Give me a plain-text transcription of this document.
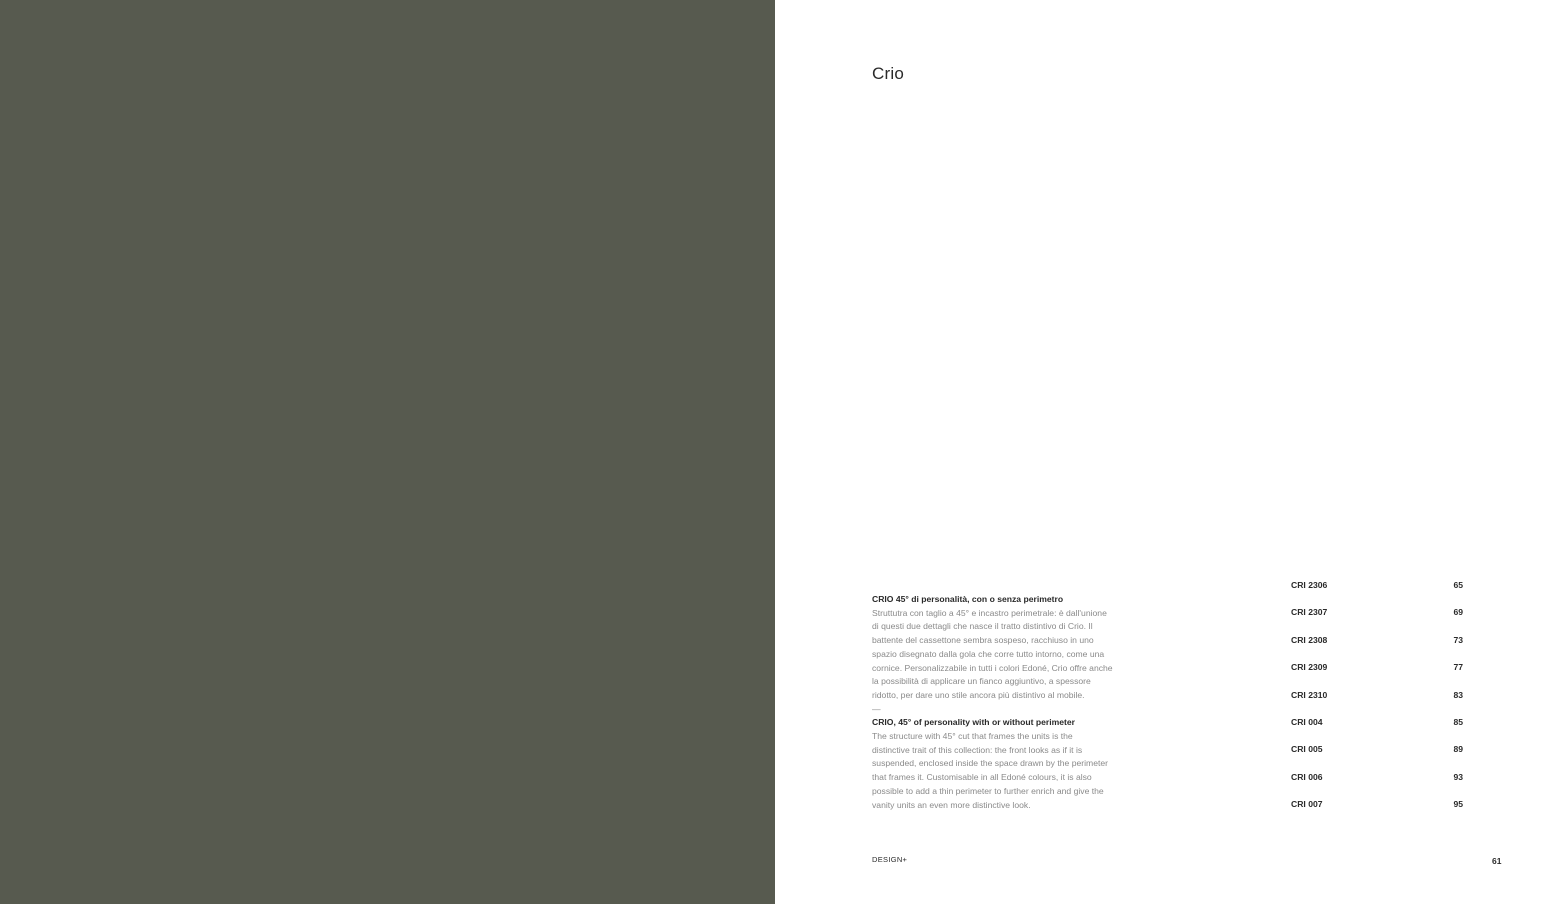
Crio
CRIO 45° di personalità, con o senza perimetro
Struttutra con taglio a 45° e incastro perimetrale: è dall'unione
di questi due dettagli che nasce il tratto distintivo di Crio. Il
battente del cassettone sembra sospeso, racchiuso in uno
spazio disegnato dalla gola che corre tutto intorno, come una
cornice. Personalizzabile in tutti i colori Edoné, Crio offre anche
la possibilità di applicare un fianco aggiuntivo, a spessore
ridotto, per dare uno stile ancora più distintivo al mobile.
—
CRIO, 45° of personality with or without perimeter
The structure with 45° cut that frames the units is the
distinctive trait of this collection: the front looks as if it is
suspended, enclosed inside the space drawn by the perimeter
that frames it. Customisable in all Edoné colours, it is also
possible to add a thin perimeter to further enrich and give the
vanity units an even more distinctive look.
CRI 2306	65
CRI 2307	69
CRI 2308	73
CRI 2309	77
CRI 2310	83
CRI 004	85
CRI 005	89
CRI 006	93
CRI 007	95
DESIGN+	61
